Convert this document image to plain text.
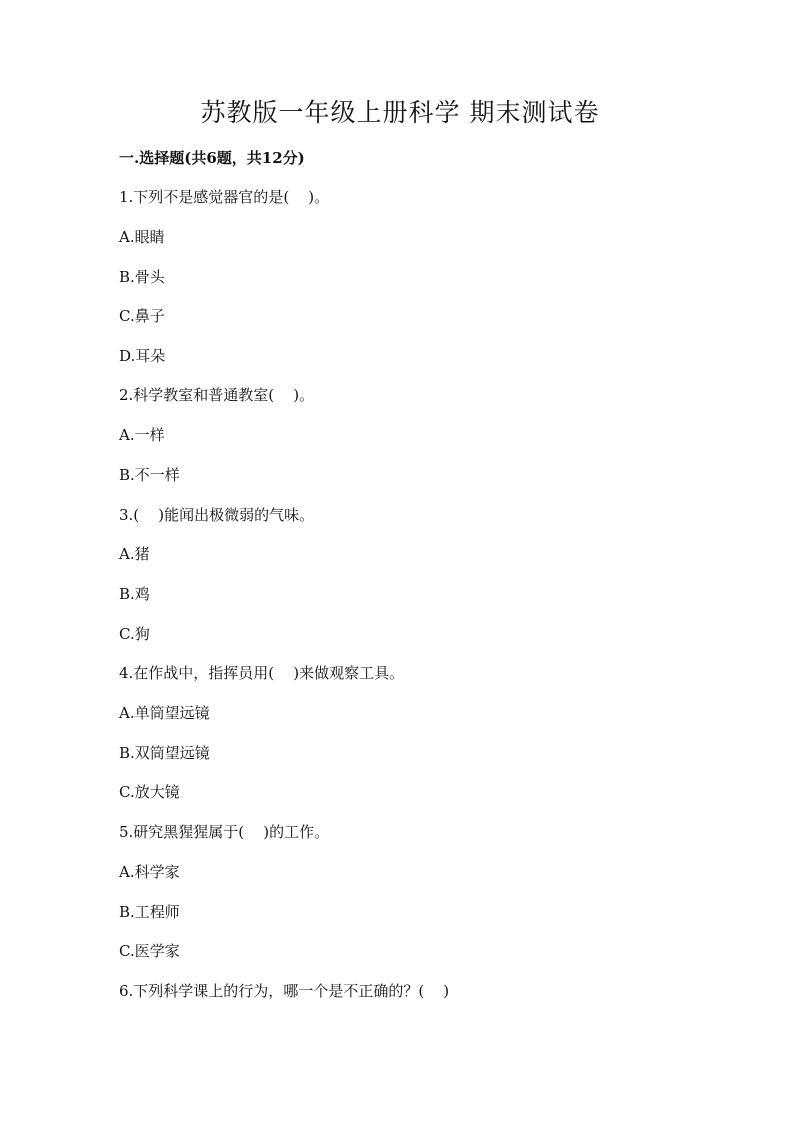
苏教版一年级上册科学 期末测试卷
一.选择题(共6题，共12分)
1.下列不是感觉器官的是(    )。
A.眼睛
B.骨头
C.鼻子
D.耳朵
2.科学教室和普通教室(    )。
A.一样
B.不一样
3.(    )能闻出极微弱的气味。
A.猪
B.鸡
C.狗
4.在作战中，指挥员用(    )来做观察工具。
A.单筒望远镜
B.双筒望远镜
C.放大镜
5.研究黑猩猩属于(    )的工作。
A.科学家
B.工程师
C.医学家
6.下列科学课上的行为，哪一个是不正确的？(    )
